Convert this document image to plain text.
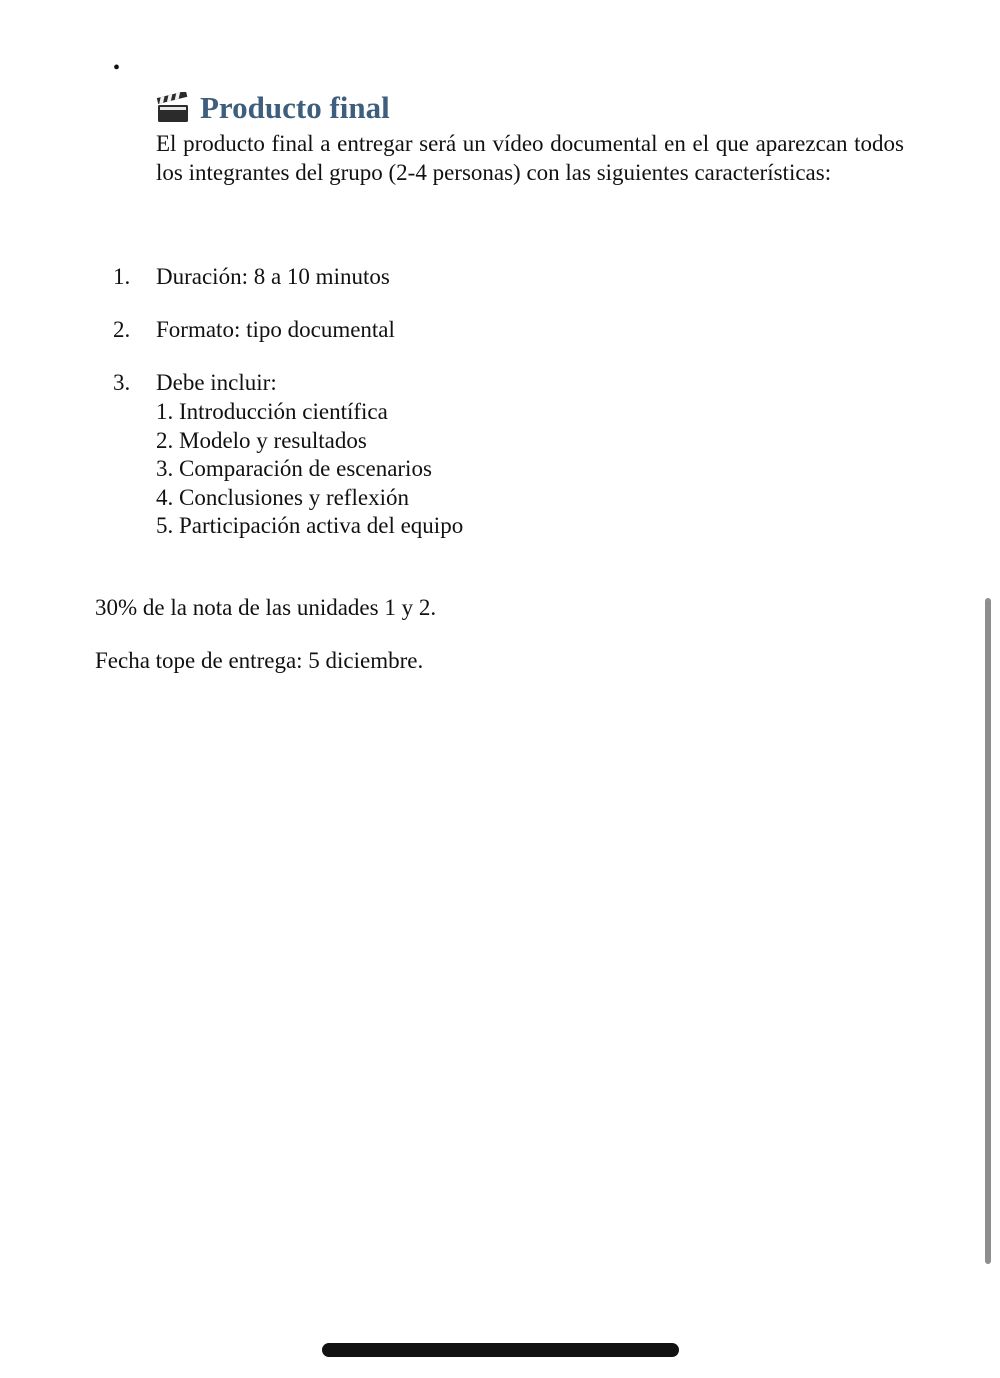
•
Producto final

El producto final a entregar será un vídeo documental en el que aparezcan todos los integrantes del grupo (2-4 personas) con las siguientes características:

1.	Duración: 8 a 10 minutos
2.	Formato: tipo documental
3.	Debe incluir:
1. Introducción científica
2. Modelo y resultados
3. Comparación de escenarios
4. Conclusiones y reflexión
5. Participación activa del equipo
30% de la nota de las unidades 1 y 2.
Fecha tope de entrega: 5 diciembre.
